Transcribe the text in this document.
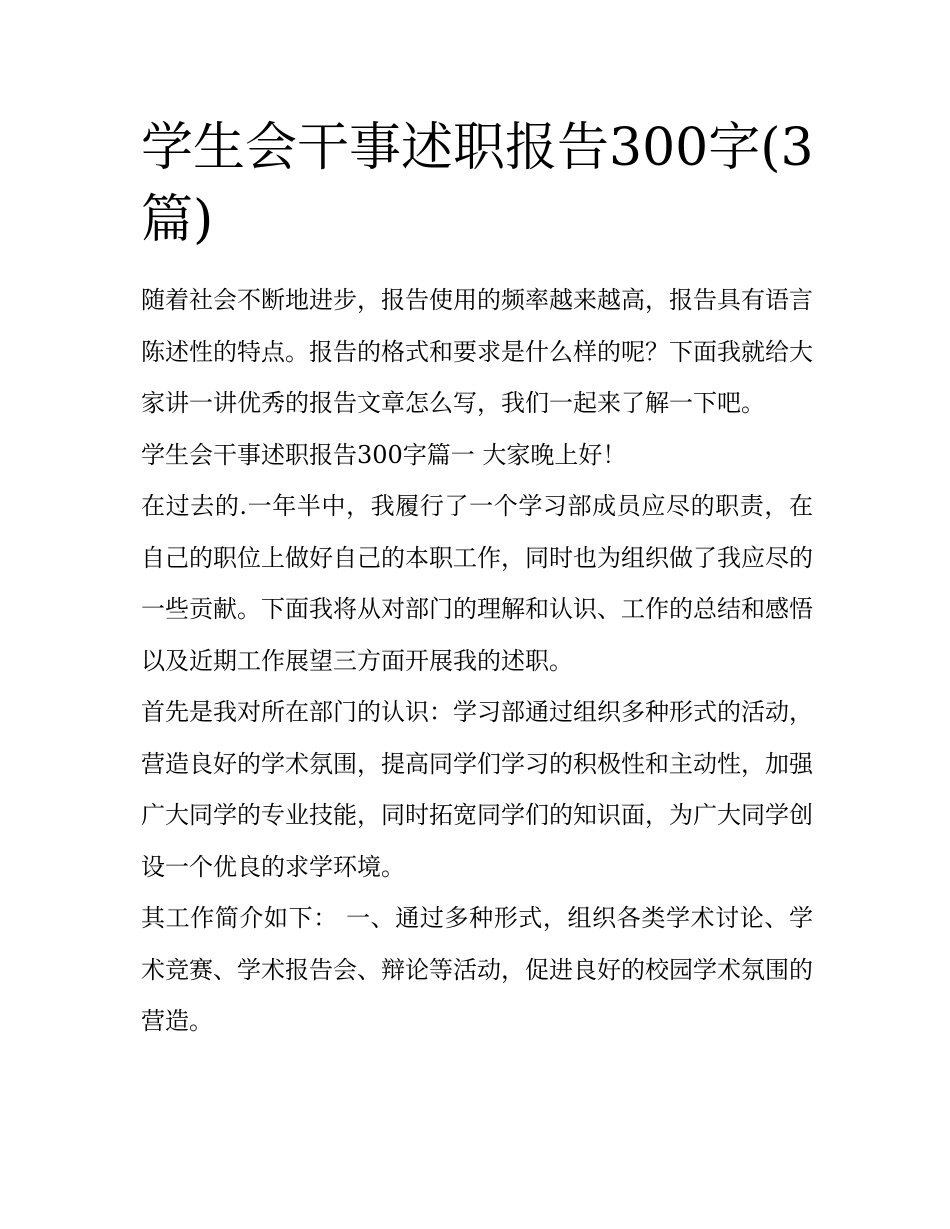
学生会干事述职报告300字(3篇)

随着社会不断地进步，报告使用的频率越来越高，报告具有语言陈述性的特点。报告的格式和要求是什么样的呢？下面我就给大家讲一讲优秀的报告文章怎么写，我们一起来了解一下吧。

学生会干事述职报告300字篇一 大家晚上好！

在过去的.一年半中，我履行了一个学习部成员应尽的职责，在自己的职位上做好自己的本职工作，同时也为组织做了我应尽的一些贡献。下面我将从对部门的理解和认识、工作的总结和感悟以及近期工作展望三方面开展我的述职。

首先是我对所在部门的认识：学习部通过组织多种形式的活动，营造良好的学术氛围，提高同学们学习的积极性和主动性，加强广大同学的专业技能，同时拓宽同学们的知识面，为广大同学创设一个优良的求学环境。

其工作简介如下： 一、通过多种形式，组织各类学术讨论、学术竞赛、学术报告会、辩论等活动，促进良好的校园学术氛围的营造。
